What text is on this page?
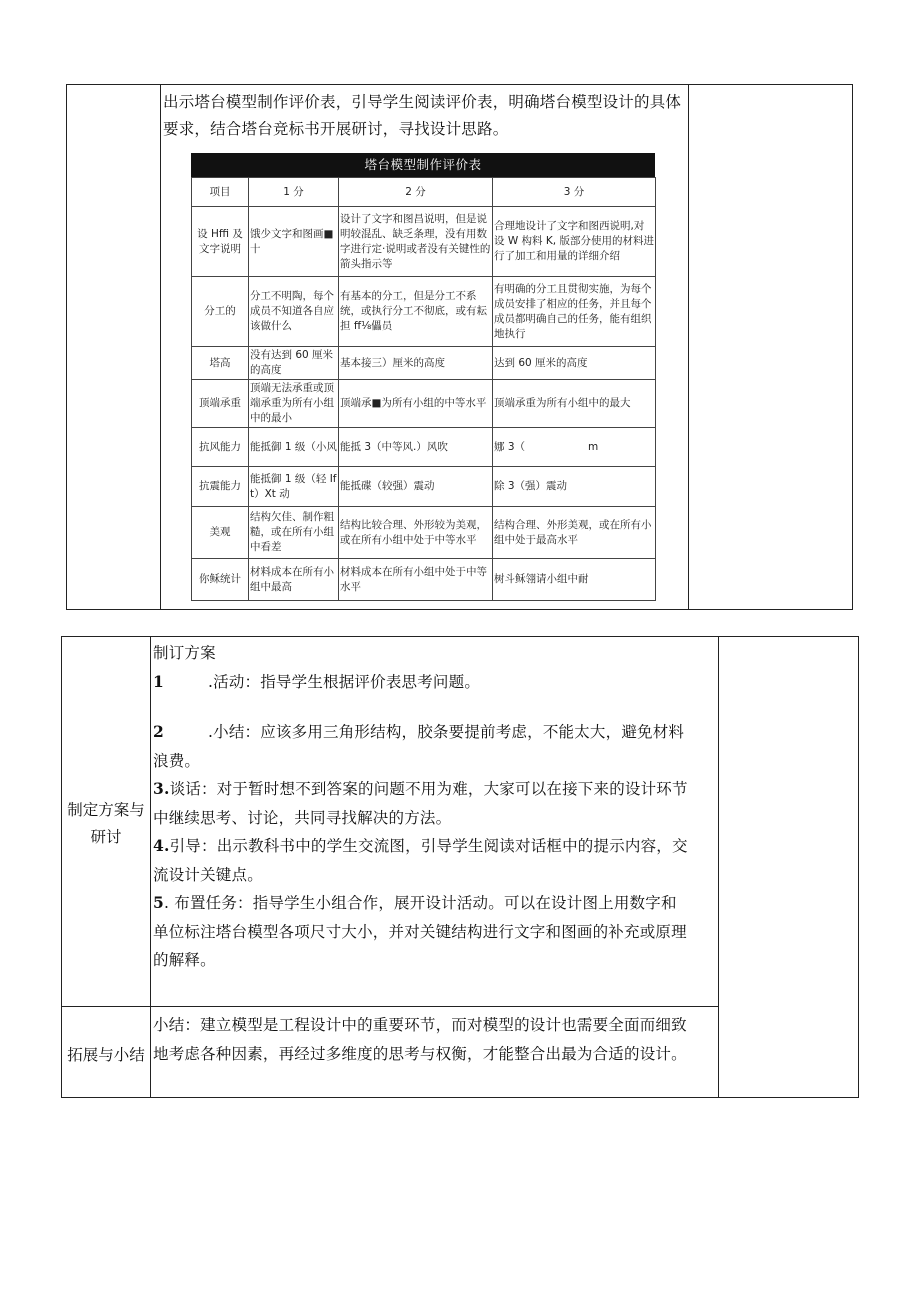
出示塔台模型制作评价表，引导学生阅读评价表，明确塔台模型设计的具体要求，结合塔台竞标书开展研讨，寻找设计思路。

塔台模型制作评价表
项目	1 分	2 分	3 分
设 Hffi 及文字说明	饿少文字和图画■十	设计了文字和图昌说明，但是说明较混乱、缺乏条理，没有用数字进行定·说明或者没有关键性的箭头指示等	合理地设计了文字和图西说明,对设 W 构料 K, 版部分使用的材料进行了加工和用量的详细介绍
分工的	分工不明陶，每个成员不知道各自应该做什么	有基本的分工，但是分工不系统，或执行分工不彻底，或有耘担 ff⅛儡员	有明确的分工且贯彻实施，为每个成员安排了相应的任务，并且每个成员都明确自己的任务，能有组织地执行
塔高	没有达到 60 厘米的高度	基本接三）厘米的高度	达到 60 厘米的高度
顶端承重	顶端无法承重或顶端承重为所有小组中的最小	顶端承■为所有小组的中等水平	顶端承重为所有小组中的最大
抗风能力	能抵御 1 级（小风	能抵 3（中等风.）风吹	娜 3（　　　　　　m
抗震能力	能抵御 1 级（轻 Ift）Xt 动	能抵碟（较强）震动	除 3（强）震动
美观	结构欠佳、制作粗糙，或在所有小组中看差	结构比较合理、外形较为美观，或在所有小组中处于中等水平	结构合理、外形美观，或在所有小组中处于最高水平
你稣统计	材料成本在所有小组中最高	材料成本在所有小组中处于中等水平	树斗稣翎请小组中耐
制定方案与研讨

制订方案

1	.活动：指导学生根据评价表思考问题。

2	.小结：应该多用三角形结构，胶条要提前考虑，不能太大，避免材料浪费。

3.谈话：对于暂时想不到答案的问题不用为难，大家可以在接下来的设计环节中继续思考、讨论，共同寻找解决的方法。

4.引导：出示教科书中的学生交流图，引导学生阅读对话框中的提示内容，交流设计关键点。

5. 布置任务：指导学生小组合作，展开设计活动。可以在设计图上用数字和单位标注塔台模型各项尺寸大小，并对关键结构进行文字和图画的补充或原理的解释。

拓展与小结

小结：建立模型是工程设计中的重要环节，而对模型的设计也需要全面而细致地考虑各种因素，再经过多维度的思考与权衡，才能整合出最为合适的设计。
